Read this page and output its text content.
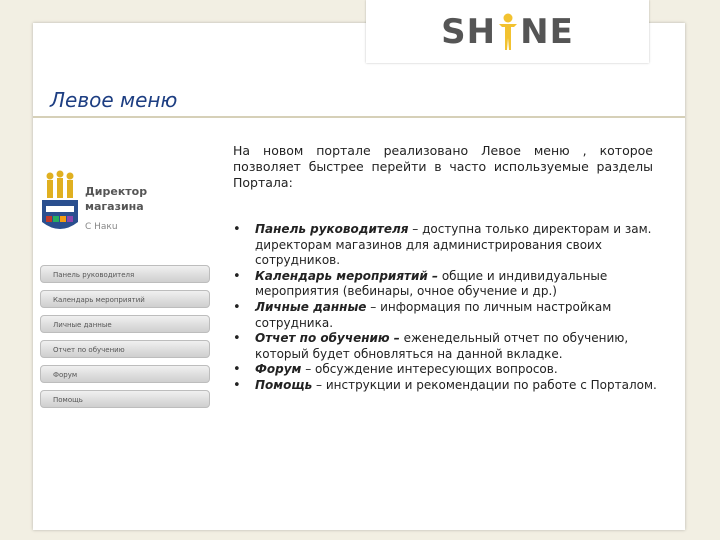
SH NE
Левое меню
Директор магазина
С Нaкu
Панель руководителя
Календарь мероприятий
Личные данные
Отчет по обучению
Форум
Помощь

На новом портале реализовано Левое меню , которое позволяет быстрее перейти в часто используемые разделы Портала:

• Панель руководителя – доступна только директорам и зам. директорам магазинов для администрирования своих сотрудников.
• Календарь мероприятий – общие и индивидуальные мероприятия (вебинары, очное обучение и др.)
• Личные данные – информация по личным настройкам сотрудника.
• Отчет по обучению – еженедельный отчет по обучению, который будет обновляться на данной вкладке.
• Форум – обсуждение интересующих вопросов.
• Помощь – инструкции и рекомендации по работе с Порталом.
